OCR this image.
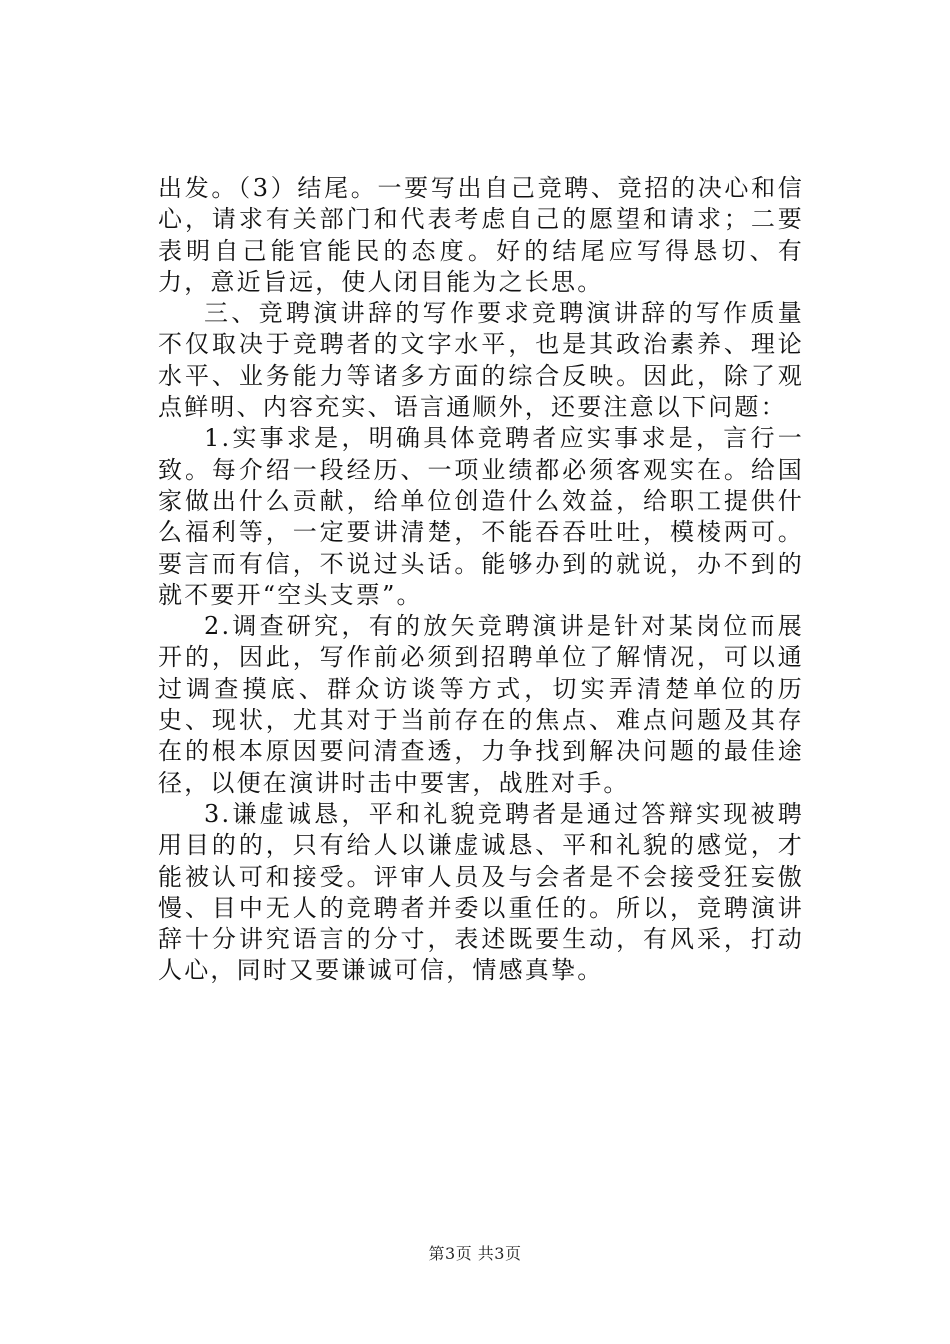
出发。（3）结尾。一要写出自己竞聘、竞招的决心和信心，请求有关部门和代表考虑自己的愿望和请求；二要表明自己能官能民的态度。好的结尾应写得恳切、有力，意近旨远，使人闭目能为之长思。

三、竞聘演讲辞的写作要求竞聘演讲辞的写作质量不仅取决于竞聘者的文字水平，也是其政治素养、理论水平、业务能力等诸多方面的综合反映。因此，除了观点鲜明、内容充实、语言通顺外，还要注意以下问题：

1.实事求是，明确具体竞聘者应实事求是，言行一致。每介绍一段经历、一项业绩都必须客观实在。给国家做出什么贡献，给单位创造什么效益，给职工提供什么福利等，一定要讲清楚，不能吞吞吐吐，模棱两可。要言而有信，不说过头话。能够办到的就说，办不到的就不要开“空头支票”。

2.调查研究，有的放矢竞聘演讲是针对某岗位而展开的，因此，写作前必须到招聘单位了解情况，可以通过调查摸底、群众访谈等方式，切实弄清楚单位的历史、现状，尤其对于当前存在的焦点、难点问题及其存在的根本原因要问清查透，力争找到解决问题的最佳途径，以便在演讲时击中要害，战胜对手。

3.谦虚诚恳，平和礼貌竞聘者是通过答辩实现被聘用目的的，只有给人以谦虚诚恳、平和礼貌的感觉，才能被认可和接受。评审人员及与会者是不会接受狂妄傲慢、目中无人的竞聘者并委以重任的。所以，竞聘演讲辞十分讲究语言的分寸，表述既要生动，有风采，打动人心，同时又要谦诚可信，情感真挚。

第3页 共3页
